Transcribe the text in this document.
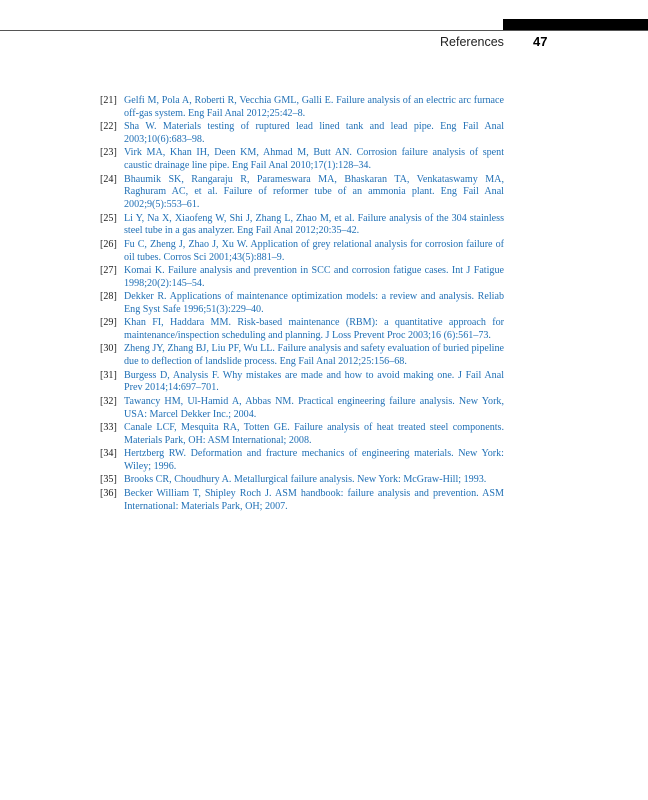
References 47
[21] Gelfi M, Pola A, Roberti R, Vecchia GML, Galli E. Failure analysis of an electric arc furnace off-gas system. Eng Fail Anal 2012;25:42–8.
[22] Sha W. Materials testing of ruptured lead lined tank and lead pipe. Eng Fail Anal 2003;10(6):683–98.
[23] Virk MA, Khan IH, Deen KM, Ahmad M, Butt AN. Corrosion failure analysis of spent caustic drainage line pipe. Eng Fail Anal 2010;17(1):128–34.
[24] Bhaumik SK, Rangaraju R, Parameswara MA, Bhaskaran TA, Venkataswamy MA, Raghuram AC, et al. Failure of reformer tube of an ammonia plant. Eng Fail Anal 2002;9(5):553–61.
[25] Li Y, Na X, Xiaofeng W, Shi J, Zhang L, Zhao M, et al. Failure analysis of the 304 stainless steel tube in a gas analyzer. Eng Fail Anal 2012;20:35–42.
[26] Fu C, Zheng J, Zhao J, Xu W. Application of grey relational analysis for corrosion failure of oil tubes. Corros Sci 2001;43(5):881–9.
[27] Komai K. Failure analysis and prevention in SCC and corrosion fatigue cases. Int J Fatigue 1998;20(2):145–54.
[28] Dekker R. Applications of maintenance optimization models: a review and analysis. Reliab Eng Syst Safe 1996;51(3):229–40.
[29] Khan FI, Haddara MM. Risk-based maintenance (RBM): a quantitative approach for maintenance/inspection scheduling and planning. J Loss Prevent Proc 2003;16 (6):561–73.
[30] Zheng JY, Zhang BJ, Liu PF, Wu LL. Failure analysis and safety evaluation of buried pipeline due to deflection of landslide process. Eng Fail Anal 2012;25:156–68.
[31] Burgess D, Analysis F. Why mistakes are made and how to avoid making one. J Fail Anal Prev 2014;14:697–701.
[32] Tawancy HM, Ul-Hamid A, Abbas NM. Practical engineering failure analysis. New York, USA: Marcel Dekker Inc.; 2004.
[33] Canale LCF, Mesquita RA, Totten GE. Failure analysis of heat treated steel components. Materials Park, OH: ASM International; 2008.
[34] Hertzberg RW. Deformation and fracture mechanics of engineering materials. New York: Wiley; 1996.
[35] Brooks CR, Choudhury A. Metallurgical failure analysis. New York: McGraw-Hill; 1993.
[36] Becker William T, Shipley Roch J. ASM handbook: failure analysis and prevention. ASM International: Materials Park, OH; 2007.
